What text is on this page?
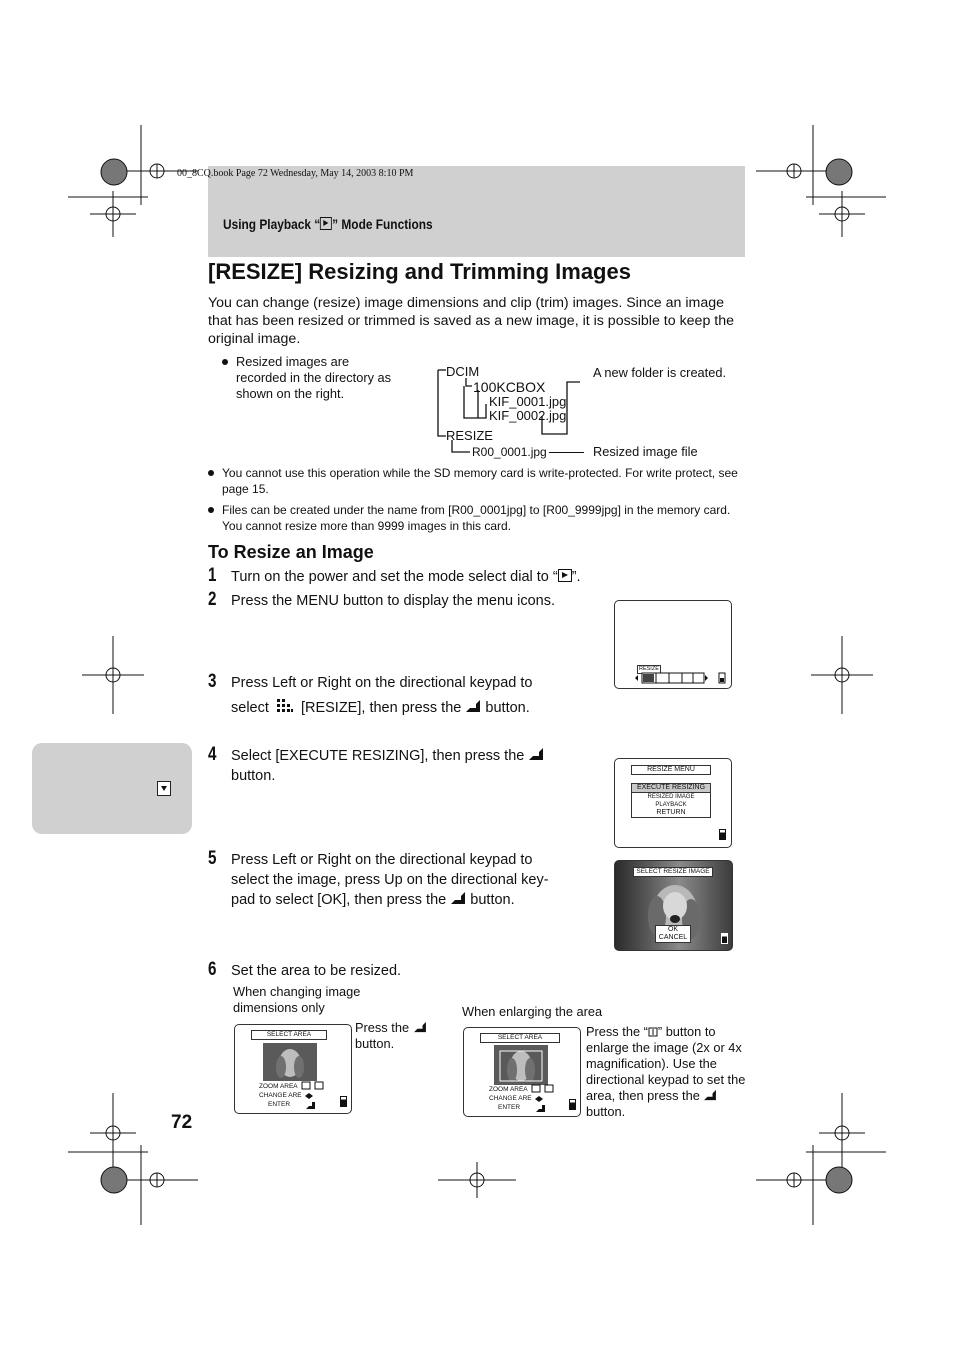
00_8CQ.book Page 72 Wednesday, May 14, 2003 8:10 PM
Using Playback “ ” Mode Functions
[RESIZE] Resizing and Trimming Images
You can change (resize) image dimensions and clip (trim) images. Since an image that has been resized or trimmed is saved as a new image, it is possible to keep the original image.
Resized images are recorded in the directory as shown on the right.
DCIM
100KCBOX
KIF_0001.jpg
KIF_0002.jpg
RESIZE
R00_0001.jpg
A new folder is created.
Resized image file
You cannot use this operation while the SD memory card is write-protected. For write protect, see page 15.
Files can be created under the name from [R00_0001jpg] to [R00_9999jpg] in the memory card. You cannot resize more than 9999 images in this card.
To Resize an Image
1 Turn on the power and set the mode select dial to “ ”.
2 Press the MENU button to display the menu icons.
RESIZE
3 Press Left or Right on the directional keypad to
select [RESIZE], then press the button.
4 Select [EXECUTE RESIZING], then press the
button.	RESIZE MENU
EXECUTE RESIZING
RESIZED IMAGE PLAYBACK
RETURN
5 Press Left or Right on the directional keypad to
select the image, press Up on the directional key-
pad to select [OK], then press the button.
SELECT RESIZE IMAGE
OK
CANCEL
6 Set the area to be resized.
When changing image dimensions only	When enlarging the area
SELECT AREA
ZOOM AREA
CHANGE ARE
ENTER
Press the  button.	SELECT AREA
ZOOM AREA
CHANGE ARE
ENTER
Press the “ ” button to enlarge the image (2x or 4x magnification). Use the directional keypad to set the area, then press the  button.
72
